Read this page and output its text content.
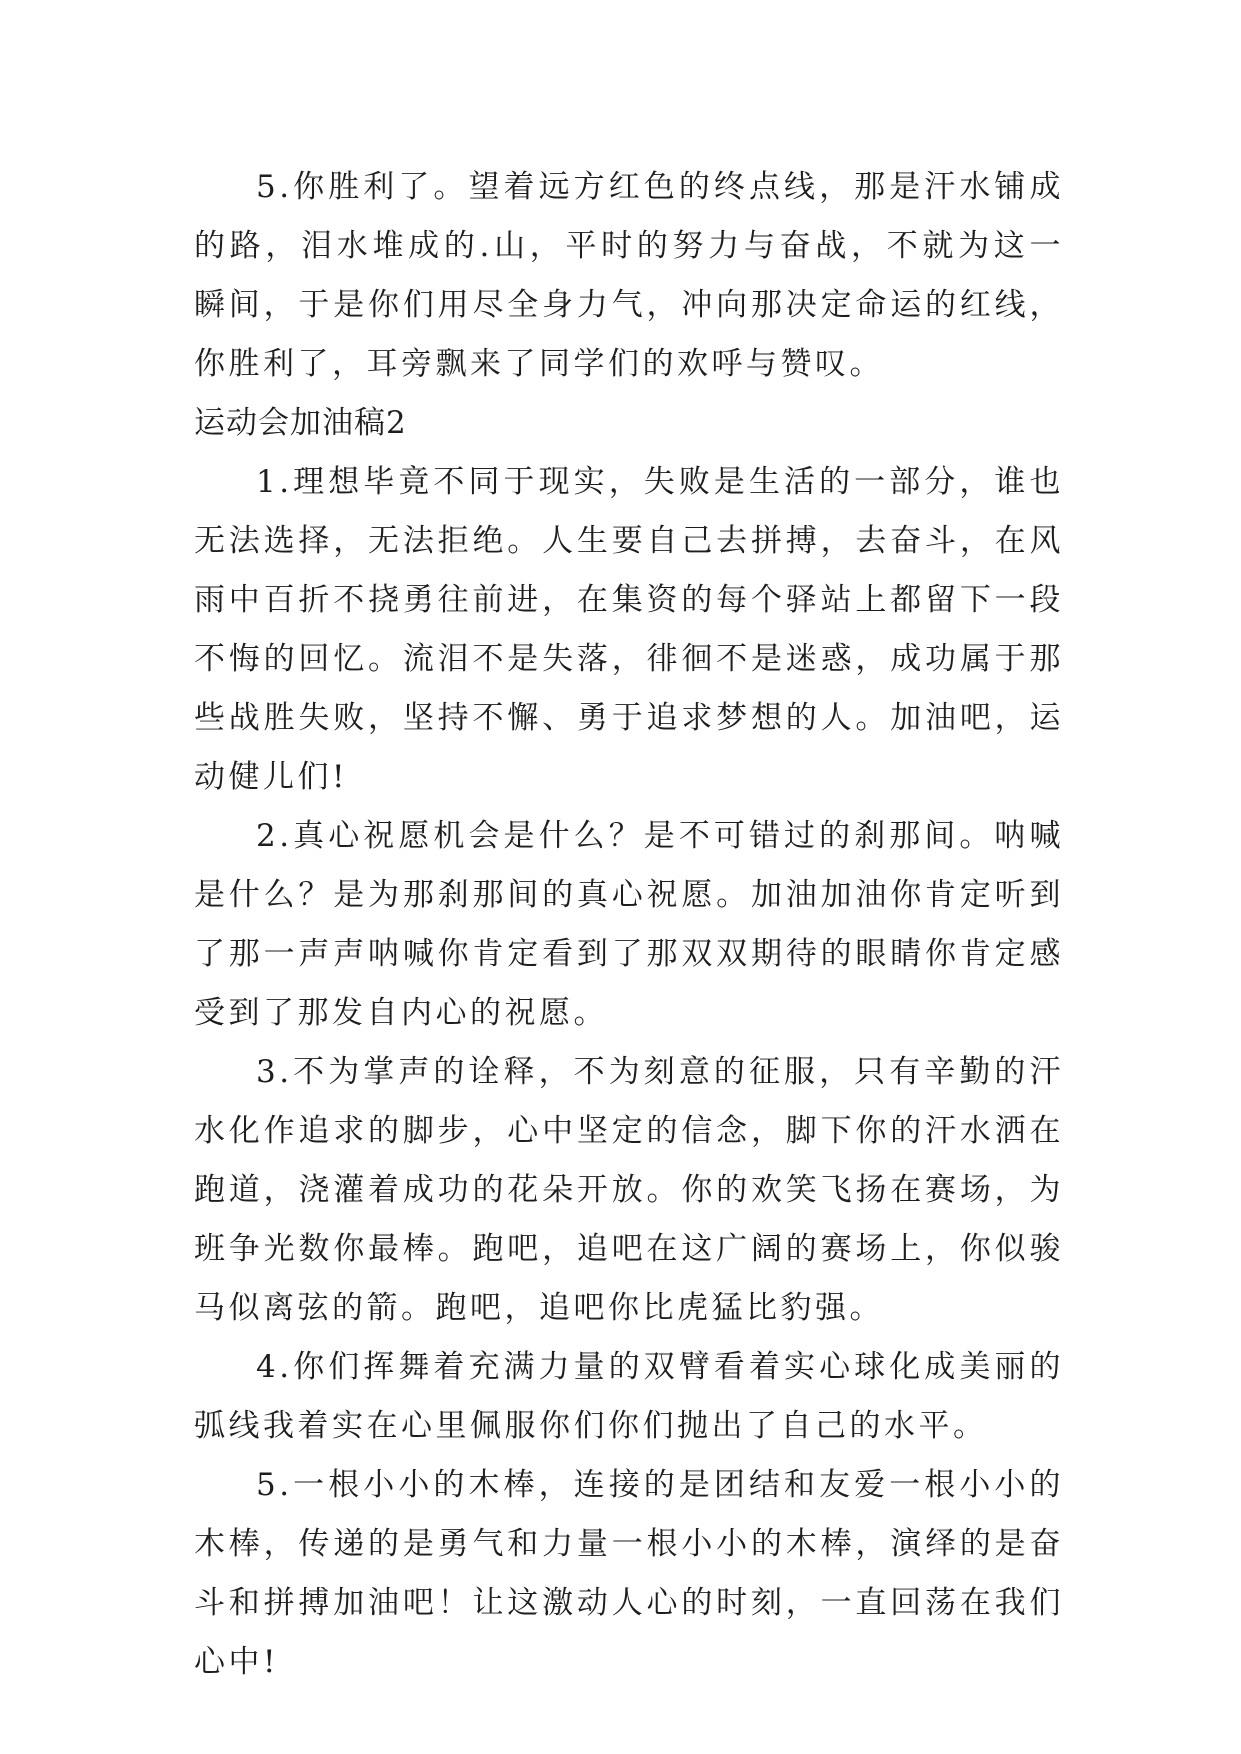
5.你胜利了。望着远方红色的终点线，那是汗水铺成的路，泪水堆成的.山，平时的努力与奋战，不就为这一瞬间，于是你们用尽全身力气，冲向那决定命运的红线，你胜利了，耳旁飘来了同学们的欢呼与赞叹。

运动会加油稿2

1.理想毕竟不同于现实，失败是生活的一部分，谁也无法选择，无法拒绝。人生要自己去拼搏，去奋斗，在风雨中百折不挠勇往前进，在集资的每个驿站上都留下一段不悔的回忆。流泪不是失落，徘徊不是迷惑，成功属于那些战胜失败，坚持不懈、勇于追求梦想的人。加油吧，运动健儿们!

2.真心祝愿机会是什么？是不可错过的刹那间。呐喊是什么？是为那刹那间的真心祝愿。加油加油你肯定听到了那一声声呐喊你肯定看到了那双双期待的眼睛你肯定感受到了那发自内心的祝愿。

3.不为掌声的诠释，不为刻意的征服，只有辛勤的汗水化作追求的脚步，心中坚定的信念，脚下你的汗水洒在跑道，浇灌着成功的花朵开放。你的欢笑飞扬在赛场，为班争光数你最棒。跑吧，追吧在这广阔的赛场上，你似骏马似离弦的箭。跑吧，追吧你比虎猛比豹强。

4.你们挥舞着充满力量的双臂看着实心球化成美丽的弧线我着实在心里佩服你们你们抛出了自己的水平。

5.一根小小的木棒，连接的是团结和友爱一根小小的木棒，传递的是勇气和力量一根小小的木棒，演绎的是奋斗和拼搏加油吧！让这激动人心的时刻，一直回荡在我们心中!
